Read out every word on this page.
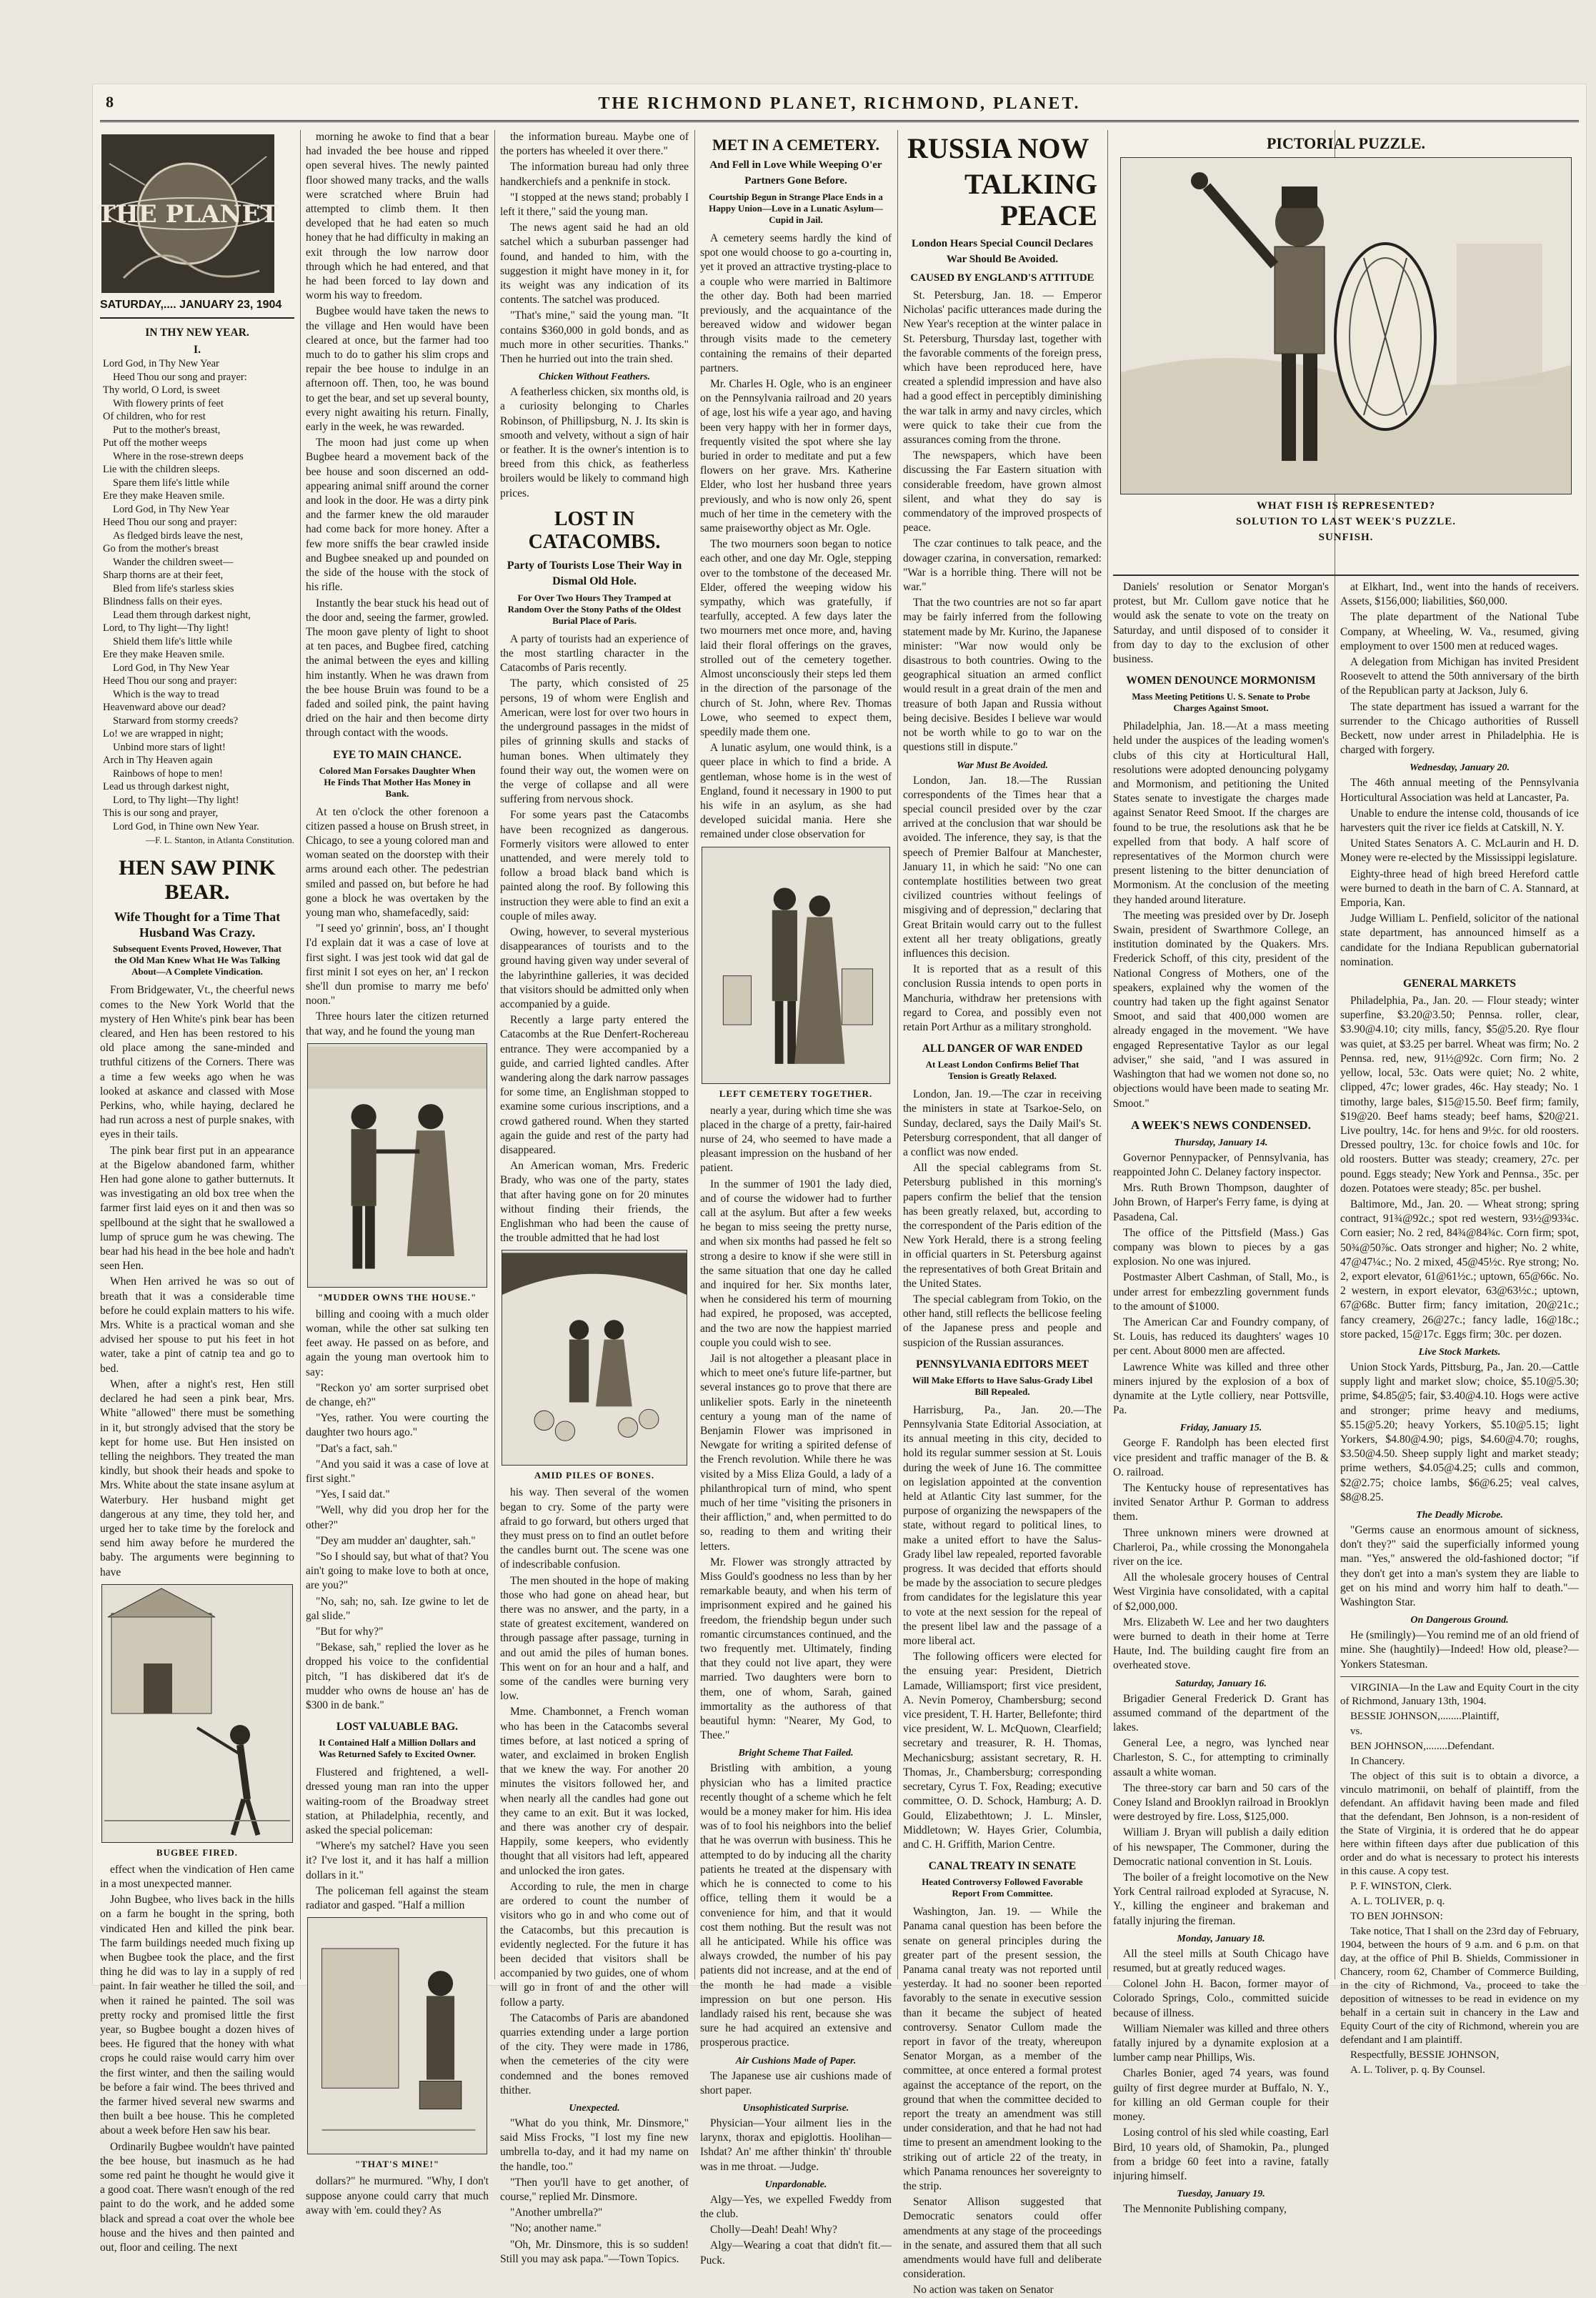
8	THE RICHMOND PLANET, RICHMOND, PLANET.
THE PLANET
SATURDAY,.... JANUARY 23, 1904
IN THY NEW YEAR.
I.
Lord God, in Thy New Year
Heed Thou our song and prayer:
Thy world, O Lord, is sweet
With flowery prints of feet
Of children, who for rest
Put to the mother's breast,
Put off the mother weeps
Where in the rose-strewn deeps
Lie with the children sleeps.
Spare them life's little while
Ere they make Heaven smile.
Lord God, in Thy New Year
Heed Thou our song and prayer:
As fledged birds leave the nest,
Go from the mother's breast
Wander the children sweet—
Sharp thorns are at their feet,
Bled from life's starless skies
Blindness falls on their eyes.
Lead them through darkest night,
Lord, to Thy light—Thy light!
Shield them life's little while
Ere they make Heaven smile.
Lord God, in Thy New Year
Heed Thou our song and prayer:
Which is the way to tread
Heavenward above our dead?
Starward from stormy creeds?
Lo! we are wrapped in night;
Unbind more stars of light!
Arch in Thy Heaven again
Rainbows of hope to men!
Lead us through darkest night,
Lord, to Thy light—Thy light!
This is our song and prayer,
Lord God, in Thine own New Year.

—F. L. Stanton, in Atlanta Constitution.

HEN SAW PINK BEAR.
Wife Thought for a Time That Husband Was Crazy.
Subsequent Events Proved, However, That the Old Man Knew What He Was Talking About—A Complete Vindication.

From Bridgewater, Vt., the cheerful news comes to the New York World that the mystery of Hen White's pink bear has been cleared, and Hen has been restored to his old place among the sane-minded and truthful citizens of the Corners. There was a time a few weeks ago when he was looked at askance and classed with Mose Perkins, who, while haying, declared he had run across a nest of purple snakes, with eyes in their tails.

The pink bear first put in an appearance at the Bigelow abandoned farm, whither Hen had gone alone to gather butternuts. It was investigating an old box tree when the farmer first laid eyes on it and then was so spellbound at the sight that he swallowed a lump of spruce gum he was chewing. The bear had his head in the bee hole and hadn't seen Hen.

When Hen arrived he was so out of breath that it was a considerable time before he could explain matters to his wife. Mrs. White is a practical woman and she advised her spouse to put his feet in hot water, take a pint of catnip tea and go to bed.

When, after a night's rest, Hen still declared he had seen a pink bear, Mrs. White "allowed" there must be something in it, but strongly advised that the story be kept for home use. But Hen insisted on telling the neighbors. They treated the man kindly, but shook their heads and spoke to Mrs. White about the state insane asylum at Waterbury. Her husband might get dangerous at any time, they told her, and urged her to take time by the forelock and send him away before he murdered the baby. The arguments were beginning to have

BUGBEE FIRED.

effect when the vindication of Hen came in a most unexpected manner.

John Bugbee, who lives back in the hills on a farm he bought in the spring, both vindicated Hen and killed the pink bear. The farm buildings needed much fixing up when Bugbee took the place, and the first thing he did was to lay in a supply of red paint. In fair weather he tilled the soil, and when it rained he painted. The soil was pretty rocky and promised little the first year, so Bugbee bought a dozen hives of bees. He figured that the honey with what crops he could raise would carry him over the first winter, and then the sailing would be before a fair wind. The bees thrived and the farmer hived several new swarms and then built a bee house. This he completed about a week before Hen saw his bear.

Ordinarily Bugbee wouldn't have painted the bee house, but inasmuch as he had some red paint he thought he would give it a good coat. There wasn't enough of the red paint to do the work, and he added some black and spread a coat over the whole bee house and the hives and then painted and out, floor and ceiling. The next

morning he awoke to find that a bear had invaded the bee house and ripped open several hives. The newly painted floor showed many tracks, and the walls were scratched where Bruin had attempted to climb them. It then developed that he had eaten so much honey that he had difficulty in making an exit through the low narrow door through which he had entered, and that he had been forced to lay down and worm his way to freedom.

Bugbee would have taken the news to the village and Hen would have been cleared at once, but the farmer had too much to do to gather his slim crops and repair the bee house to indulge in an afternoon off. Then, too, he was bound to get the bear, and set up several bounty, every night awaiting his return. Finally, early in the week, he was rewarded.

The moon had just come up when Bugbee heard a movement back of the bee house and soon discerned an odd-appearing animal sniff around the corner and look in the door. He was a dirty pink and the farmer knew the old marauder had come back for more honey. After a few more sniffs the bear crawled inside and Bugbee sneaked up and pounded on the side of the house with the stock of his rifle.

Instantly the bear stuck his head out of the door and, seeing the farmer, growled. The moon gave plenty of light to shoot at ten paces, and Bugbee fired, catching the animal between the eyes and killing him instantly. When he was drawn from the bee house Bruin was found to be a faded and soiled pink, the paint having dried on the hair and then become dirty through contact with the woods.

EYE TO MAIN CHANCE.
Colored Man Forsakes Daughter When He Finds That Mother Has Money in Bank.

At ten o'clock the other forenoon a citizen passed a house on Brush street, in Chicago, to see a young colored man and woman seated on the doorstep with their arms around each other. The pedestrian smiled and passed on, but before he had gone a block he was overtaken by the young man who, shamefacedly, said:

"I seed yo' grinnin', boss, an' I thought I'd explain dat it was a case of love at first sight. I was jest took wid dat gal de first minit I sot eyes on her, an' I reckon she'll dun promise to marry me befo' noon."

Three hours later the citizen returned that way, and he found the young man

"MUDDER OWNS THE HOUSE."

billing and cooing with a much older woman, while the other sat sulking ten feet away. He passed on as before, and again the young man overtook him to say:

"Reckon yo' am sorter surprised obet de change, eh?"

"Yes, rather. You were courting the daughter two hours ago."

"Dat's a fact, sah."

"And you said it was a case of love at first sight."

"Yes, I said dat."

"Well, why did you drop her for the other?"

"Dey am mudder an' daughter, sah."

"So I should say, but what of that? You ain't going to make love to both at once, are you?"

"No, sah; no, sah. Ize gwine to let de gal slide."

"But for why?"

"Bekase, sah," replied the lover as he dropped his voice to the confidential pitch, "I has diskibered dat it's de mudder who owns de house an' has de $300 in de bank."

LOST VALUABLE BAG.
It Contained Half a Million Dollars and Was Returned Safely to Excited Owner.

Flustered and frightened, a well-dressed young man ran into the upper waiting-room of the Broadway street station, at Philadelphia, recently, and asked the special policeman:

"Where's my satchel? Have you seen it? I've lost it, and it has half a million dollars in it."

The policeman fell against the steam radiator and gasped. "Half a million

"THAT'S MINE!"

dollars?" he murmured. "Why, I don't suppose anyone could carry that much away with 'em. could they? As

the information bureau. Maybe one of the porters has wheeled it over there."

The information bureau had only three handkerchiefs and a penknife in stock.

"I stopped at the news stand; probably I left it there," said the young man.

The news agent said he had an old satchel which a suburban passenger had found, and handed to him, with the suggestion it might have money in it, for its weight was any indication of its contents. The satchel was produced.

"That's mine," said the young man. "It contains $360,000 in gold bonds, and as much more in other securities. Thanks." Then he hurried out into the train shed.

Chicken Without Feathers.

A featherless chicken, six months old, is a curiosity belonging to Charles Robinson, of Phillipsburg, N. J. Its skin is smooth and velvety, without a sign of hair or feather. It is the owner's intention is to breed from this chick, as featherless broilers would be likely to command high prices.

LOST IN CATACOMBS.
Party of Tourists Lose Their Way in Dismal Old Hole.
For Over Two Hours They Tramped at Random Over the Stony Paths of the Oldest Burial Place of Paris.

A party of tourists had an experience of the most startling character in the Catacombs of Paris recently.

The party, which consisted of 25 persons, 19 of whom were English and American, were lost for over two hours in the underground passages in the midst of piles of grinning skulls and stacks of human bones. When ultimately they found their way out, the women were on the verge of collapse and all were suffering from nervous shock.

For some years past the Catacombs have been recognized as dangerous. Formerly visitors were allowed to enter unattended, and were merely told to follow a broad black band which is painted along the roof. By following this instruction they were able to find an exit a couple of miles away.

Owing, however, to several mysterious disappearances of tourists and to the ground having given way under several of the labyrinthine galleries, it was decided that visitors should be admitted only when accompanied by a guide.

Recently a large party entered the Catacombs at the Rue Denfert-Rochereau entrance. They were accompanied by a guide, and carried lighted candles. After wandering along the dark narrow passages for some time, an Englishman stopped to examine some curious inscriptions, and a crowd gathered round. When they started again the guide and rest of the party had disappeared.

An American woman, Mrs. Frederic Brady, who was one of the party, states that after having gone on for 20 minutes without finding their friends, the Englishman who had been the cause of the trouble admitted that he had lost

AMID PILES OF BONES.

his way. Then several of the women began to cry. Some of the party were afraid to go forward, but others urged that they must press on to find an outlet before the candles burnt out. The scene was one of indescribable confusion.

The men shouted in the hope of making those who had gone on ahead hear, but there was no answer, and the party, in a state of greatest excitement, wandered on through passage after passage, turning in and out amid the piles of human bones. This went on for an hour and a half, and some of the candles were burning very low.

Mme. Chambonnet, a French woman who has been in the Catacombs several times before, at last noticed a spring of water, and exclaimed in broken English that we knew the way. For another 20 minutes the visitors followed her, and when nearly all the candles had gone out they came to an exit. But it was locked, and there was another cry of despair. Happily, some keepers, who evidently thought that all visitors had left, appeared and unlocked the iron gates.

According to rule, the men in charge are ordered to count the number of visitors who go in and who come out of the Catacombs, but this precaution is evidently neglected. For the future it has been decided that visitors shall be accompanied by two guides, one of whom will go in front of and the other will follow a party.

The Catacombs of Paris are abandoned quarries extending under a large portion of the city. They were made in 1786, when the cemeteries of the city were condemned and the bones removed thither.

Unexpected.

"What do you think, Mr. Dinsmore," said Miss Frocks, "I lost my fine new umbrella to-day, and it had my name on the handle, too."

"Then you'll have to get another, of course," replied Mr. Dinsmore.

"Another umbrella?"

"No; another name."

"Oh, Mr. Dinsmore, this is so sudden! Still you may ask papa."—Town Topics.

MET IN A CEMETERY.
And Fell in Love While Weeping O'er Partners Gone Before.
Courtship Begun in Strange Place Ends in a Happy Union—Love in a Lunatic Asylum—Cupid in Jail.

A cemetery seems hardly the kind of spot one would choose to go a-courting in, yet it proved an attractive trysting-place to a couple who were married in Baltimore the other day. Both had been married previously, and the acquaintance of the bereaved widow and widower began through visits made to the cemetery containing the remains of their departed partners.

Mr. Charles H. Ogle, who is an engineer on the Pennsylvania railroad and 20 years of age, lost his wife a year ago, and having been very happy with her in former days, frequently visited the spot where she lay buried in order to meditate and put a few flowers on her grave. Mrs. Katherine Elder, who lost her husband three years previously, and who is now only 26, spent much of her time in the cemetery with the same praiseworthy object as Mr. Ogle.

The two mourners soon began to notice each other, and one day Mr. Ogle, stepping over to the tombstone of the deceased Mr. Elder, offered the weeping widow his sympathy, which was gratefully, if tearfully, accepted. A few days later the two mourners met once more, and, having laid their floral offerings on the graves, strolled out of the cemetery together. Almost unconsciously their steps led them in the direction of the parsonage of the church of St. John, where Rev. Thomas Lowe, who seemed to expect them, speedily made them one.

A lunatic asylum, one would think, is a queer place in which to find a bride. A gentleman, whose home is in the west of England, found it necessary in 1900 to put his wife in an asylum, as she had developed suicidal mania. Here she remained under close observation for

LEFT CEMETERY TOGETHER.

nearly a year, during which time she was placed in the charge of a pretty, fair-haired nurse of 24, who seemed to have made a pleasant impression on the husband of her patient.

In the summer of 1901 the lady died, and of course the widower had to further call at the asylum. But after a few weeks he began to miss seeing the pretty nurse, and when six months had passed he felt so strong a desire to know if she were still in the same situation that one day he called and inquired for her. Six months later, when he considered his term of mourning had expired, he proposed, was accepted, and the two are now the happiest married couple you could wish to see.

Jail is not altogether a pleasant place in which to meet one's future life-partner, but several instances go to prove that there are unlikelier spots. Early in the nineteenth century a young man of the name of Benjamin Flower was imprisoned in Newgate for writing a spirited defense of the French revolution. While there he was visited by a Miss Eliza Gould, a lady of a philanthropical turn of mind, who spent much of her time "visiting the prisoners in their affliction," and, when permitted to do so, reading to them and writing their letters.

Mr. Flower was strongly attracted by Miss Gould's goodness no less than by her remarkable beauty, and when his term of imprisonment expired and he gained his freedom, the friendship begun under such romantic circumstances continued, and the two frequently met. Ultimately, finding that they could not live apart, they were married. Two daughters were born to them, one of whom, Sarah, gained immortality as the authoress of that beautiful hymn: "Nearer, My God, to Thee."

Bright Scheme That Failed.

Bristling with ambition, a young physician who has a limited practice recently thought of a scheme which he felt would be a money maker for him. His idea was of to fool his neighbors into the belief that he was overrun with business. This he attempted to do by inducing all the charity patients he treated at the dispensary with which he is connected to come to his office, telling them it would be a convenience for him, and that it would cost them nothing. But the result was not all he anticipated. While his office was always crowded, the number of his pay patients did not increase, and at the end of the month he had made a visible impression on but one person. His landlady raised his rent, because she was sure he had acquired an extensive and prosperous practice.

Air Cushions Made of Paper.

The Japanese use air cushions made of short paper.

Unsophisticated Surprise.

Physician—Your ailment lies in the larynx, thorax and epiglottis. Hoolihan—Ishdat? An' me afther thinkin' th' throuble was in me throat. —Judge.

Unpardonable.

Algy—Yes, we expelled Fweddy from the club.

Cholly—Deah! Deah! Why?

Algy—Wearing a coat that didn't fit.—Puck.

RUSSIA NOW
TALKING PEACE
London Hears Special Council Declares War Should Be Avoided.
CAUSED BY ENGLAND'S ATTITUDE

St. Petersburg, Jan. 18. — Emperor Nicholas' pacific utterances made during the New Year's reception at the winter palace in St. Petersburg, Thursday last, together with the favorable comments of the foreign press, which have been reproduced here, have created a splendid impression and have also had a good effect in perceptibly diminishing the war talk in army and navy circles, which were quick to take their cue from the assurances coming from the throne.

The newspapers, which have been discussing the Far Eastern situation with considerable freedom, have grown almost silent, and what they do say is commendatory of the improved prospects of peace.

The czar continues to talk peace, and the dowager czarina, in conversation, remarked: "War is a horrible thing. There will not be war."

That the two countries are not so far apart may be fairly inferred from the following statement made by Mr. Kurino, the Japanese minister: "War now would only be disastrous to both countries. Owing to the geographical situation an armed conflict would result in a great drain of the men and treasure of both Japan and Russia without being decisive. Besides I believe war would not be worth while to go to war on the questions still in dispute."

War Must Be Avoided.

London, Jan. 18.—The Russian correspondents of the Times hear that a special council presided over by the czar arrived at the conclusion that war should be avoided. The inference, they say, is that the speech of Premier Balfour at Manchester, January 11, in which he said: "No one can contemplate hostilities between two great civilized countries without feelings of misgiving and of depression," declaring that Great Britain would carry out to the fullest extent all her treaty obligations, greatly influences this decision.

It is reported that as a result of this conclusion Russia intends to open ports in Manchuria, withdraw her pretensions with regard to Corea, and possibly even not retain Port Arthur as a military stronghold.

ALL DANGER OF WAR ENDED
At Least London Confirms Belief That Tension is Greatly Relaxed.

London, Jan. 19.—The czar in receiving the ministers in state at Tsarkoe-Selo, on Sunday, declared, says the Daily Mail's St. Petersburg correspondent, that all danger of a conflict was now ended.

All the special cablegrams from St. Petersburg published in this morning's papers confirm the belief that the tension has been greatly relaxed, but, according to the correspondent of the Paris edition of the New York Herald, there is a strong feeling in official quarters in St. Petersburg against the representatives of both Great Britain and the United States.

The special cablegram from Tokio, on the other hand, still reflects the bellicose feeling of the Japanese press and people and suspicion of the Russian assurances.

PENNSYLVANIA EDITORS MEET
Will Make Efforts to Have Salus-Grady Libel Bill Repealed.

Harrisburg, Pa., Jan. 20.—The Pennsylvania State Editorial Association, at its annual meeting in this city, decided to hold its regular summer session at St. Louis during the week of June 16. The committee on legislation appointed at the convention held at Atlantic City last summer, for the purpose of organizing the newspapers of the state, without regard to political lines, to make a united effort to have the Salus-Grady libel law repealed, reported favorable progress. It was decided that efforts should be made by the association to secure pledges from candidates for the legislature this year to vote at the next session for the repeal of the present libel law and the passage of a more liberal act.

The following officers were elected for the ensuing year: President, Dietrich Lamade, Williamsport; first vice president, A. Nevin Pomeroy, Chambersburg; second vice president, T. H. Harter, Bellefonte; third vice president, W. L. McQuown, Clearfield; secretary and treasurer, R. H. Thomas, Mechanicsburg; assistant secretary, R. H. Thomas, Jr., Chambersburg; corresponding secretary, Cyrus T. Fox, Reading; executive committee, O. D. Schock, Hamburg; A. D. Gould, Elizabethtown; J. L. Minsler, Middletown; W. Hayes Grier, Columbia, and C. H. Griffith, Marion Centre.

CANAL TREATY IN SENATE
Heated Controversy Followed Favorable Report From Committee.

Washington, Jan. 19. — While the Panama canal question has been before the senate on general principles during the greater part of the present session, the Panama canal treaty was not reported until yesterday. It had no sooner been reported favorably to the senate in executive session than it became the subject of heated controversy. Senator Cullom made the report in favor of the treaty, whereupon Senator Morgan, as a member of the committee, at once entered a formal protest against the acceptance of the report, on the ground that when the committee decided to report the treaty an amendment was still under consideration, and that he had not had time to present an amendment looking to the striking out of article 22 of the treaty, in which Panama renounces her sovereignty to the strip.

Senator Allison suggested that Democratic senators could offer amendments at any stage of the proceedings in the senate, and assured them that all such amendments would have full and deliberate consideration.

No action was taken on Senator

PICTORIAL PUZZLE.
WHAT FISH IS REPRESENTED?
SOLUTION TO LAST WEEK'S PUZZLE.
SUNFISH.

Daniels' resolution or Senator Morgan's protest, but Mr. Cullom gave notice that he would ask the senate to vote on the treaty on Saturday, and until disposed of to consider it from day to day to the exclusion of other business.

WOMEN DENOUNCE MORMONISM
Mass Meeting Petitions U. S. Senate to Probe Charges Against Smoot.

Philadelphia, Jan. 18.—At a mass meeting held under the auspices of the leading women's clubs of this city at Horticultural Hall, resolutions were adopted denouncing polygamy and Mormonism, and petitioning the United States senate to investigate the charges made against Senator Reed Smoot. If the charges are found to be true, the resolutions ask that he be expelled from that body. A half score of representatives of the Mormon church were present listening to the bitter denunciation of Mormonism. At the conclusion of the meeting they handed around literature.

The meeting was presided over by Dr. Joseph Swain, president of Swarthmore College, an institution dominated by the Quakers. Mrs. Frederick Schoff, of this city, president of the National Congress of Mothers, one of the speakers, explained why the women of the country had taken up the fight against Senator Smoot, and said that 400,000 women are already engaged in the movement. "We have engaged Representative Taylor as our legal adviser," she said, "and I was assured in Washington that had we women not done so, no objections would have been made to seating Mr. Smoot."

A WEEK'S NEWS CONDENSED.
Thursday, January 14.

Governor Pennypacker, of Pennsylvania, has reappointed John C. Delaney factory inspector.

Mrs. Ruth Brown Thompson, daughter of John Brown, of Harper's Ferry fame, is dying at Pasadena, Cal.

The office of the Pittsfield (Mass.) Gas company was blown to pieces by a gas explosion. No one was injured.

Postmaster Albert Cashman, of Stall, Mo., is under arrest for embezzling government funds to the amount of $1000.

The American Car and Foundry company, of St. Louis, has reduced its daughters' wages 10 per cent. About 8000 men are affected.

Lawrence White was killed and three other miners injured by the explosion of a box of dynamite at the Lytle colliery, near Pottsville, Pa.

Friday, January 15.

George F. Randolph has been elected first vice president and traffic manager of the B. & O. railroad.

The Kentucky house of representatives has invited Senator Arthur P. Gorman to address them.

Three unknown miners were drowned at Charleroi, Pa., while crossing the Monongahela river on the ice.

All the wholesale grocery houses of Central West Virginia have consolidated, with a capital of $2,000,000.

Mrs. Elizabeth W. Lee and her two daughters were burned to death in their home at Terre Haute, Ind. The building caught fire from an overheated stove.

Saturday, January 16.

Brigadier General Frederick D. Grant has assumed command of the department of the lakes.

General Lee, a negro, was lynched near Charleston, S. C., for attempting to criminally assault a white woman.

The three-story car barn and 50 cars of the Coney Island and Brooklyn railroad in Brooklyn were destroyed by fire. Loss, $125,000.

William J. Bryan will publish a daily edition of his newspaper, The Commoner, during the Democratic national convention in St. Louis.

The boiler of a freight locomotive on the New York Central railroad exploded at Syracuse, N. Y., killing the engineer and brakeman and fatally injuring the fireman.

Monday, January 18.

All the steel mills at South Chicago have resumed, but at greatly reduced wages.

Colonel John H. Bacon, former mayor of Colorado Springs, Colo., committed suicide because of illness.

William Niemaler was killed and three others fatally injured by a dynamite explosion at a lumber camp near Phillips, Wis.

Charles Bonier, aged 74 years, was found guilty of first degree murder at Buffalo, N. Y., for killing an old German couple for their money.

Losing control of his sled while coasting, Earl Bird, 10 years old, of Shamokin, Pa., plunged from a bridge 60 feet into a ravine, fatally injuring himself.

Tuesday, January 19.

The Mennonite Publishing company,

at Elkhart, Ind., went into the hands of receivers. Assets, $156,000; liabilities, $60,000.

The plate department of the National Tube Company, at Wheeling, W. Va., resumed, giving employment to over 1500 men at reduced wages.

A delegation from Michigan has invited President Roosevelt to attend the 50th anniversary of the birth of the Republican party at Jackson, July 6.

The state department has issued a warrant for the surrender to the Chicago authorities of Russell Beckett, now under arrest in Philadelphia. He is charged with forgery.

Wednesday, January 20.

The 46th annual meeting of the Pennsylvania Horticultural Association was held at Lancaster, Pa.

Unable to endure the intense cold, thousands of ice harvesters quit the river ice fields at Catskill, N. Y.

United States Senators A. C. McLaurin and H. D. Money were re-elected by the Mississippi legislature.

Eighty-three head of high breed Hereford cattle were burned to death in the barn of C. A. Stannard, at Emporia, Kan.

Judge William L. Penfield, solicitor of the national state department, has announced himself as a candidate for the Indiana Republican gubernatorial nomination.

GENERAL MARKETS

Philadelphia, Pa., Jan. 20. — Flour steady; winter superfine, $3.20@3.50; Pennsa. roller, clear, $3.90@4.10; city mills, fancy, $5@5.20. Rye flour was quiet, at $3.25 per barrel. Wheat was firm; No. 2 Pennsa. red, new, 91½@92c. Corn firm; No. 2 yellow, local, 53c. Oats were quiet; No. 2 white, clipped, 47c; lower grades, 46c. Hay steady; No. 1 timothy, large bales, $15@15.50. Beef firm; family, $19@20. Beef hams steady; beef hams, $20@21. Live poultry, 14c. for hens and 9½c. for old roosters. Dressed poultry, 13c. for choice fowls and 10c. for old roosters. Butter was steady; creamery, 27c. per pound. Eggs steady; New York and Pennsa., 35c. per dozen. Potatoes were steady; 85c. per bushel.

Baltimore, Md., Jan. 20. — Wheat strong; spring contract, 91¾@92c.; spot red western, 93½@93¾c. Corn easier; No. 2 red, 84¾@84¾c. Corn firm; spot, 50¾@50⅞c. Oats stronger and higher; No. 2 white, 47@47¼c.; No. 2 mixed, 45@45½c. Rye strong; No. 2, export elevator, 61@61½c.; uptown, 65@66c. No. 2 western, in export elevator, 63@63½c.; uptown, 67@68c. Butter firm; fancy imitation, 20@21c.; fancy creamery, 26@27c.; fancy ladle, 16@18c.; store packed, 15@17c. Eggs firm; 30c. per dozen.

Live Stock Markets.

Union Stock Yards, Pittsburg, Pa., Jan. 20.—Cattle supply light and market slow; choice, $5.10@5.30; prime, $4.85@5; fair, $3.40@4.10. Hogs were active and stronger; prime heavy and mediums, $5.15@5.20; heavy Yorkers, $5.10@5.15; light Yorkers, $4.80@4.90; pigs, $4.60@4.70; roughs, $3.50@4.50. Sheep supply light and market steady; prime wethers, $4.05@4.25; culls and common, $2@2.75; choice lambs, $6@6.25; veal calves, $8@8.25.

The Deadly Microbe.

"Germs cause an enormous amount of sickness, don't they?" said the superficially informed young man. "Yes," answered the old-fashioned doctor; "if they don't get into a man's system they are liable to get on his mind and worry him half to death."—Washington Star.

On Dangerous Ground.

He (smilingly)—You remind me of an old friend of mine. She (haughtily)—Indeed! How old, please?—Yonkers Statesman.

VIRGINIA—In the Law and Equity Court in the city of Richmond, January 13th, 1904.

BESSIE JOHNSON,........Plaintiff,

vs.

BEN JOHNSON,........Defendant.

In Chancery.

The object of this suit is to obtain a divorce, a vinculo matrimonii, on behalf of plaintiff, from the defendant. An affidavit having been made and filed that the defendant, Ben Johnson, is a non-resident of the State of Virginia, it is ordered that he do appear here within fifteen days after due publication of this order and do what is necessary to protect his interests in this cause. A copy test.

P. F. WINSTON, Clerk.

A. L. TOLIVER, p. q.

TO BEN JOHNSON:

Take notice, That I shall on the 23rd day of February, 1904, between the hours of 9 a.m. and 6 p.m. on that day, at the office of Phil B. Shields, Commissioner in Chancery, room 62, Chamber of Commerce Building, in the city of Richmond, Va., proceed to take the deposition of witnesses to be read in evidence on my behalf in a certain suit in chancery in the Law and Equity Court of the city of Richmond, wherein you are defendant and I am plaintiff.

Respectfully, BESSIE JOHNSON,

A. L. Toliver, p. q. By Counsel.
